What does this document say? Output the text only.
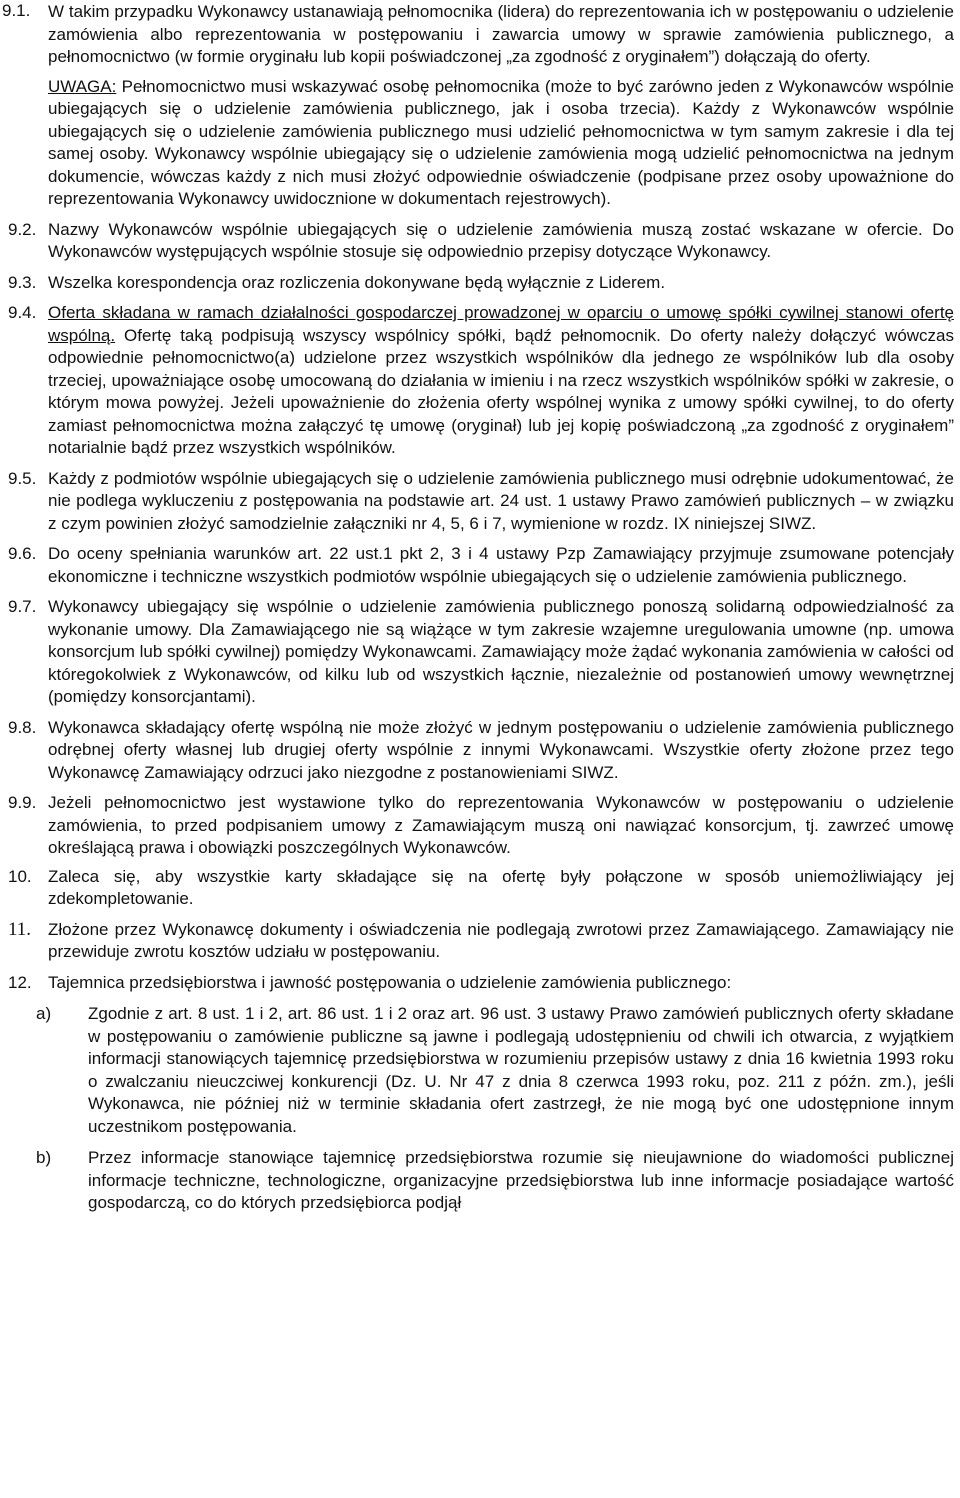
9.1. W takim przypadku Wykonawcy ustanawiają pełnomocnika (lidera) do reprezentowania ich w postępowaniu o udzielenie zamówienia albo reprezentowania w postępowaniu i zawarcia umowy w sprawie zamówienia publicznego, a pełnomocnictwo (w formie oryginału lub kopii poświadczonej „za zgodność z oryginałem”) dołączają do oferty.

UWAGA: Pełnomocnictwo musi wskazywać osobę pełnomocnika (może to być zarówno jeden z Wykonawców wspólnie ubiegających się o udzielenie zamówienia publicznego, jak i osoba trzecia). Każdy z Wykonawców wspólnie ubiegających się o udzielenie zamówienia publicznego musi udzielić pełnomocnictwa w tym samym zakresie i dla tej samej osoby. Wykonawcy wspólnie ubiegający się o udzielenie zamówienia mogą udzielić pełnomocnictwa na jednym dokumencie, wówczas każdy z nich musi złożyć odpowiednie oświadczenie (podpisane przez osoby upoważnione do reprezentowania Wykonawcy uwidocznione w dokumentach rejestrowych).

9.2. Nazwy Wykonawców wspólnie ubiegających się o udzielenie zamówienia muszą zostać wskazane w ofercie. Do Wykonawców występujących wspólnie stosuje się odpowiednio przepisy dotyczące Wykonawcy.

9.3. Wszelka korespondencja oraz rozliczenia dokonywane będą wyłącznie z Liderem.

9.4. Oferta składana w ramach działalności gospodarczej prowadzonej w oparciu o umowę spółki cywilnej stanowi ofertę wspólną. Ofertę taką podpisują wszyscy wspólnicy spółki, bądź pełnomocnik. Do oferty należy dołączyć wówczas odpowiednie pełnomocnictwo(a) udzielone przez wszystkich wspólników dla jednego ze wspólników lub dla osoby trzeciej, upoważniające osobę umocowaną do działania w imieniu i na rzecz wszystkich wspólników spółki w zakresie, o którym mowa powyżej. Jeżeli upoważnienie do złożenia oferty wspólnej wynika z umowy spółki cywilnej, to do oferty zamiast pełnomocnictwa można załączyć tę umowę (oryginał) lub jej kopię poświadczoną „za zgodność z oryginałem” notarialnie bądź przez wszystkich wspólników.

9.5. Każdy z podmiotów wspólnie ubiegających się o udzielenie zamówienia publicznego musi odrębnie udokumentować, że nie podlega wykluczeniu z postępowania na podstawie art. 24 ust. 1 ustawy Prawo zamówień publicznych – w związku z czym powinien złożyć samodzielnie załączniki nr 4, 5, 6 i 7, wymienione w rozdz. IX niniejszej SIWZ.

9.6. Do oceny spełniania warunków art. 22 ust.1 pkt 2, 3 i 4 ustawy Pzp Zamawiający przyjmuje zsumowane potencjały ekonomiczne i techniczne wszystkich podmiotów wspólnie ubiegających się o udzielenie zamówienia publicznego.

9.7. Wykonawcy ubiegający się wspólnie o udzielenie zamówienia publicznego ponoszą solidarną odpowiedzialność za wykonanie umowy. Dla Zamawiającego nie są wiążące w tym zakresie wzajemne uregulowania umowne (np. umowa konsorcjum lub spółki cywilnej) pomiędzy Wykonawcami. Zamawiający może żądać wykonania zamówienia w całości od któregokolwiek z Wykonawców, od kilku lub od wszystkich łącznie, niezależnie od postanowień umowy wewnętrznej (pomiędzy konsorcjantami).

9.8. Wykonawca składający ofertę wspólną nie może złożyć w jednym postępowaniu o udzielenie zamówienia publicznego odrębnej oferty własnej lub drugiej oferty wspólnie z innymi Wykonawcami. Wszystkie oferty złożone przez tego Wykonawcę Zamawiający odrzuci jako niezgodne z postanowieniami SIWZ.

9.9. Jeżeli pełnomocnictwo jest wystawione tylko do reprezentowania Wykonawców w postępowaniu o udzielenie zamówienia, to przed podpisaniem umowy z Zamawiającym muszą oni nawiązać konsorcjum, tj. zawrzeć umowę określającą prawa i obowiązki poszczególnych Wykonawców.

10. Zaleca się, aby wszystkie karty składające się na ofertę były połączone w sposób uniemożliwiający jej zdekompletowanie.

11. Złożone przez Wykonawcę dokumenty i oświadczenia nie podlegają zwrotowi przez Zamawiającego. Zamawiający nie przewiduje zwrotu kosztów udziału w postępowaniu.

12. Tajemnica przedsiębiorstwa i jawność postępowania o udzielenie zamówienia publicznego:

a) Zgodnie z art. 8 ust. 1 i 2, art. 86 ust. 1 i 2 oraz art. 96 ust. 3 ustawy Prawo zamówień publicznych oferty składane w postępowaniu o zamówienie publiczne są jawne i podlegają udostępnieniu od chwili ich otwarcia, z wyjątkiem informacji stanowiących tajemnicę przedsiębiorstwa w rozumieniu przepisów ustawy z dnia 16 kwietnia 1993 roku o zwalczaniu nieuczciwej konkurencji (Dz. U. Nr 47 z dnia 8 czerwca 1993 roku, poz. 211 z późn. zm.), jeśli Wykonawca, nie później niż w terminie składania ofert zastrzegł, że nie mogą być one udostępnione innym uczestnikom postępowania.

b) Przez informacje stanowiące tajemnicę przedsiębiorstwa rozumie się nieujawnione do wiadomości publicznej informacje techniczne, technologiczne, organizacyjne przedsiębiorstwa lub inne informacje posiadające wartość gospodarczą, co do których przedsiębiorca podjął
